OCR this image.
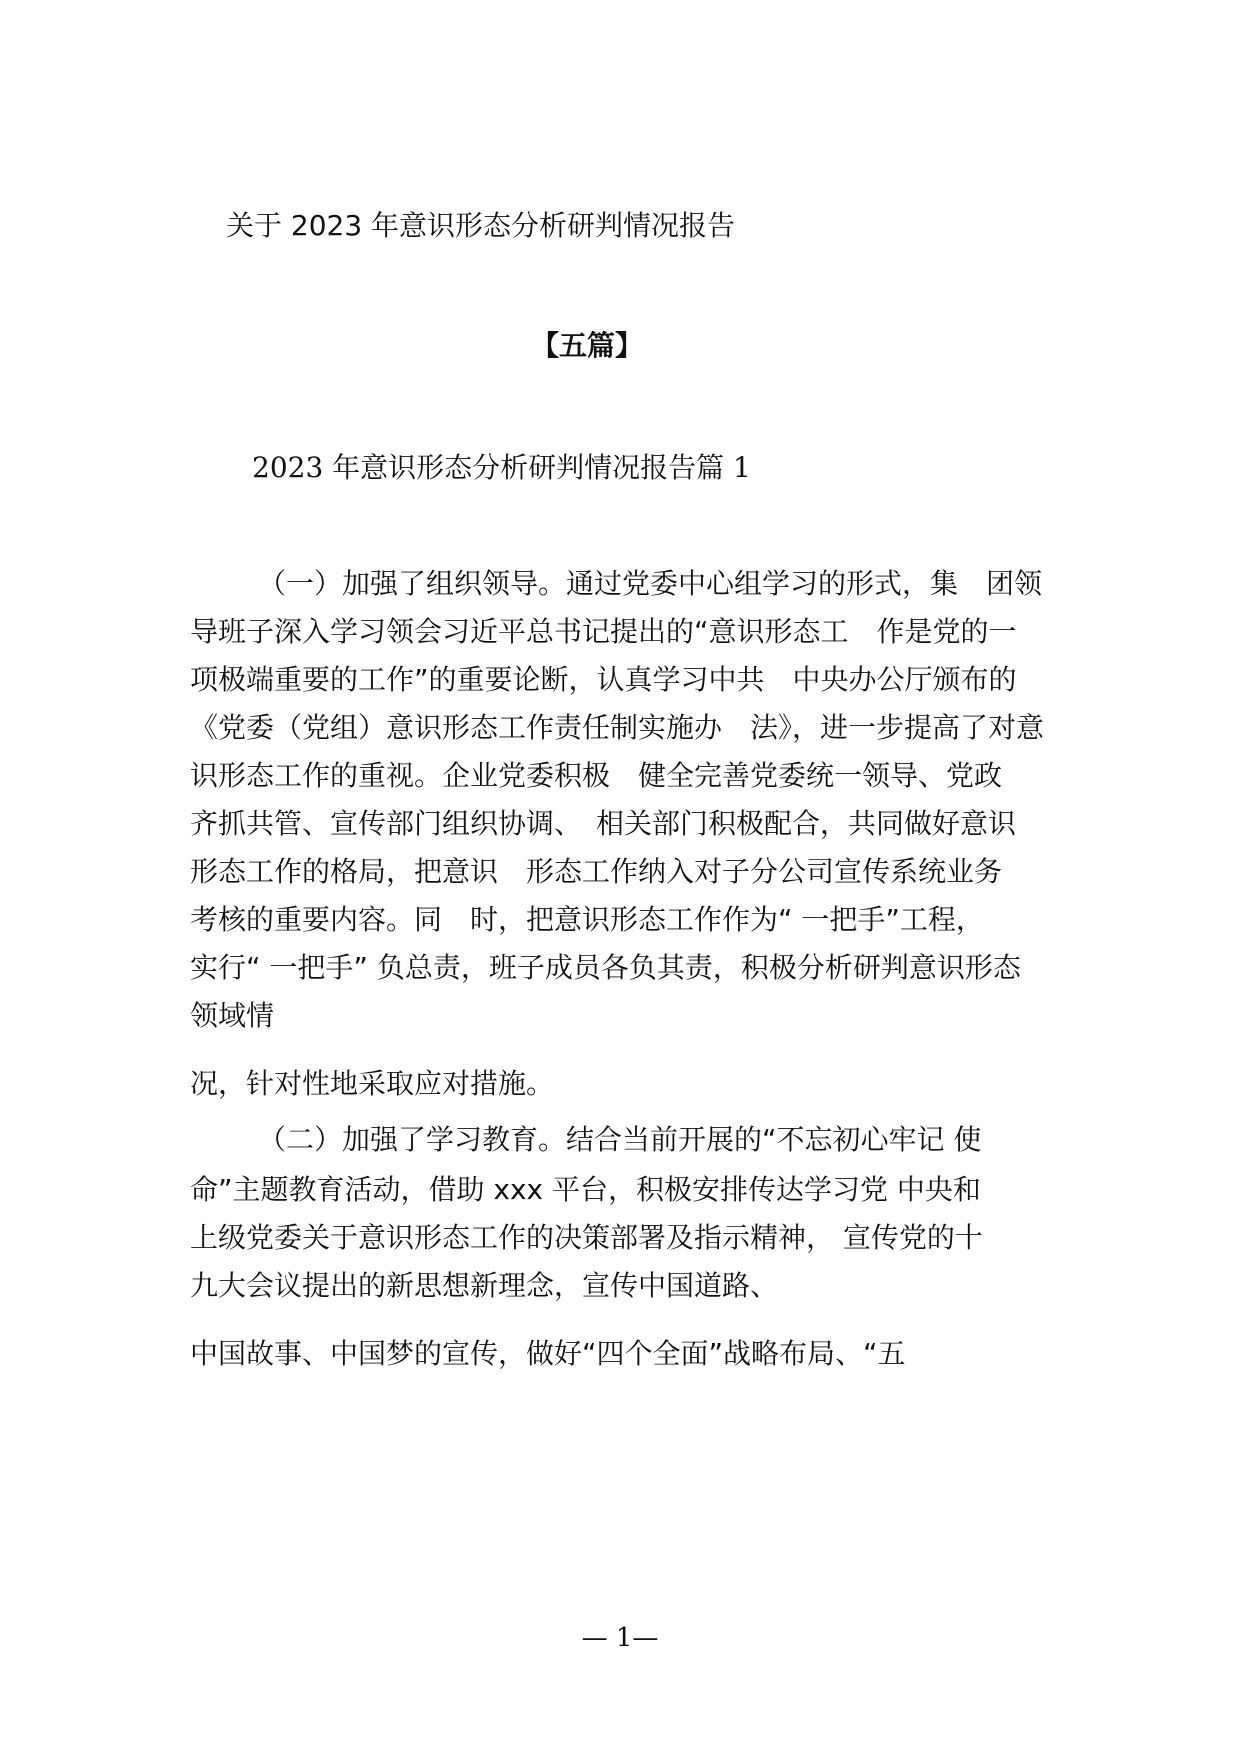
关于 2023 年意识形态分析研判情况报告
【五篇】
2023 年意识形态分析研判情况报告篇 1
（一）加强了组织领导。通过党委中心组学习的形式，集　团领
导班子深入学习领会习近平总书记提出的“意识形态工　作是党的一
项极端重要的工作”的重要论断，认真学习中共　中央办公厅颁布的
《党委（党组）意识形态工作责任制实施办　法》，进一步提高了对意
识形态工作的重视。企业党委积极　健全完善党委统一领导、党政
齐抓共管、宣传部门组织协调、　相关部门积极配合，共同做好意识
形态工作的格局，把意识　形态工作纳入对子分公司宣传系统业务
考核的重要内容。同　时，把意识形态工作作为“ 一把手”工程，
实行“ 一把手” 负总责，班子成员各负其责，积极分析研判意识形态
领域情
况，针对性地采取应对措施。
（二）加强了学习教育。结合当前开展的“不忘初心牢记 使
命”主题教育活动，借助 xxx 平台，积极安排传达学习党 中央和
上级党委关于意识形态工作的决策部署及指示精神， 宣传党的十
九大会议提出的新思想新理念，宣传中国道路、
中国故事、中国梦的宣传，做好“四个全面”战略布局、“五
— 1—
